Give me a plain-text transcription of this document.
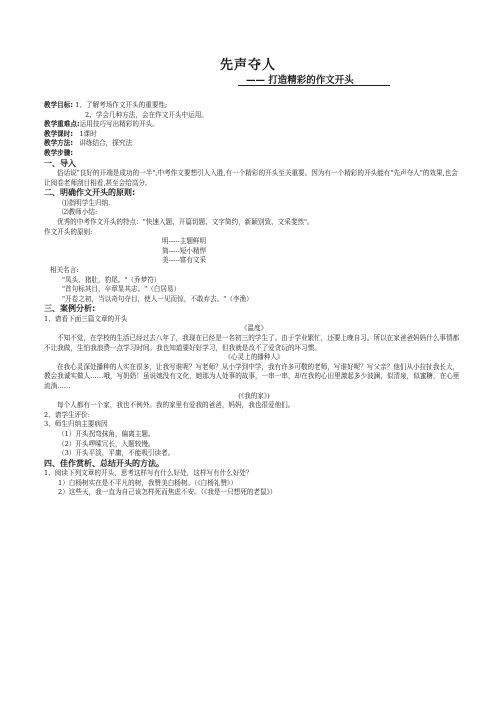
先声夺人
—— 打造精彩的作文开头
教学目标: 1、了解考场作文开头的重要性;
2、学会几种方法，会在作文开头中运用。
教学重难点:运用技巧写出精彩的开头。
教学课时: 1课时
教学方法: 讲练结合，探究法
教学步骤:
一、导入
俗话说"良好的开端是成功的一半",中考作文要想引人入胜,有一个精彩的开头至关重要。因为有一个精彩的开头能有"先声夺人"的效果,也会让阅卷老师刮目相看,甚至会给高分。
二、明确作文开头的原则:
⑴指明学生归纳.
⑵教师小结:
优秀的中考作文开头的特点："快速入题、开篇切题、文字简约，新颖别致、文采斐然"。
作文开头的原则:
明-----主题鲜明
简-----短小精悍
美-----富有文采
相关名言:
"凤头、猪肚，豹尾。"（乔梦符）
"首句标其目，卒章显其志。"（白居易）
"开卷之初，当以奇句夺目，使人一见而惊，不敢弃去。"（李渔）
三、案例分析:
1、请看下面三篇文章的开头
《温度》
不知不觉，在学校的生活已经过去八年了，我现在已经是一名初三的学生了。由于学业繁忙，还要上晚自习。所以在家爸爸妈妈什么事情都不让我做，生怕我浪费一点学习时间。我也知道要好好学习，但我就是改不了爱贪玩的坏习惯。
《心灵上的播种人》
在我心灵深处播种的人实在很多，让我写谁呢？写老师？从小学到中学，我有许多可敬的老师，写谁好呢？写父亲？他们从小拉扯我长大，教会我诚实做人……哦，写奶奶！虽说她没有文化，她那为人处事的故事，一串一串，却在我的心田里激起多少波澜，似清泉，似蜜糖，在心里流淌……
(《我的家》)
每个人都有一个家，我也不例外。我的家里有爱我的爸爸，妈妈，我也很爱他们。
2、请学生评价:
3、师生归纳主要病因
（1）开头拐弯抹角，偏离主题。
（2）开头啰嗦冗长，入题较慢。
（3）开头平淡，平庸，不能吸引读者。
四、佳作赏析、总结开头的方法。
1、阅读下列文章的开头，思考这样写有什么好处，这样写有什么好处？
1）白杨树实在是不平凡的树，我赞美白杨树。（《白杨礼赞》）
2）这些天，我一直为自己该怎样死而焦虑不安。（《我是一只想死的老鼠》）
